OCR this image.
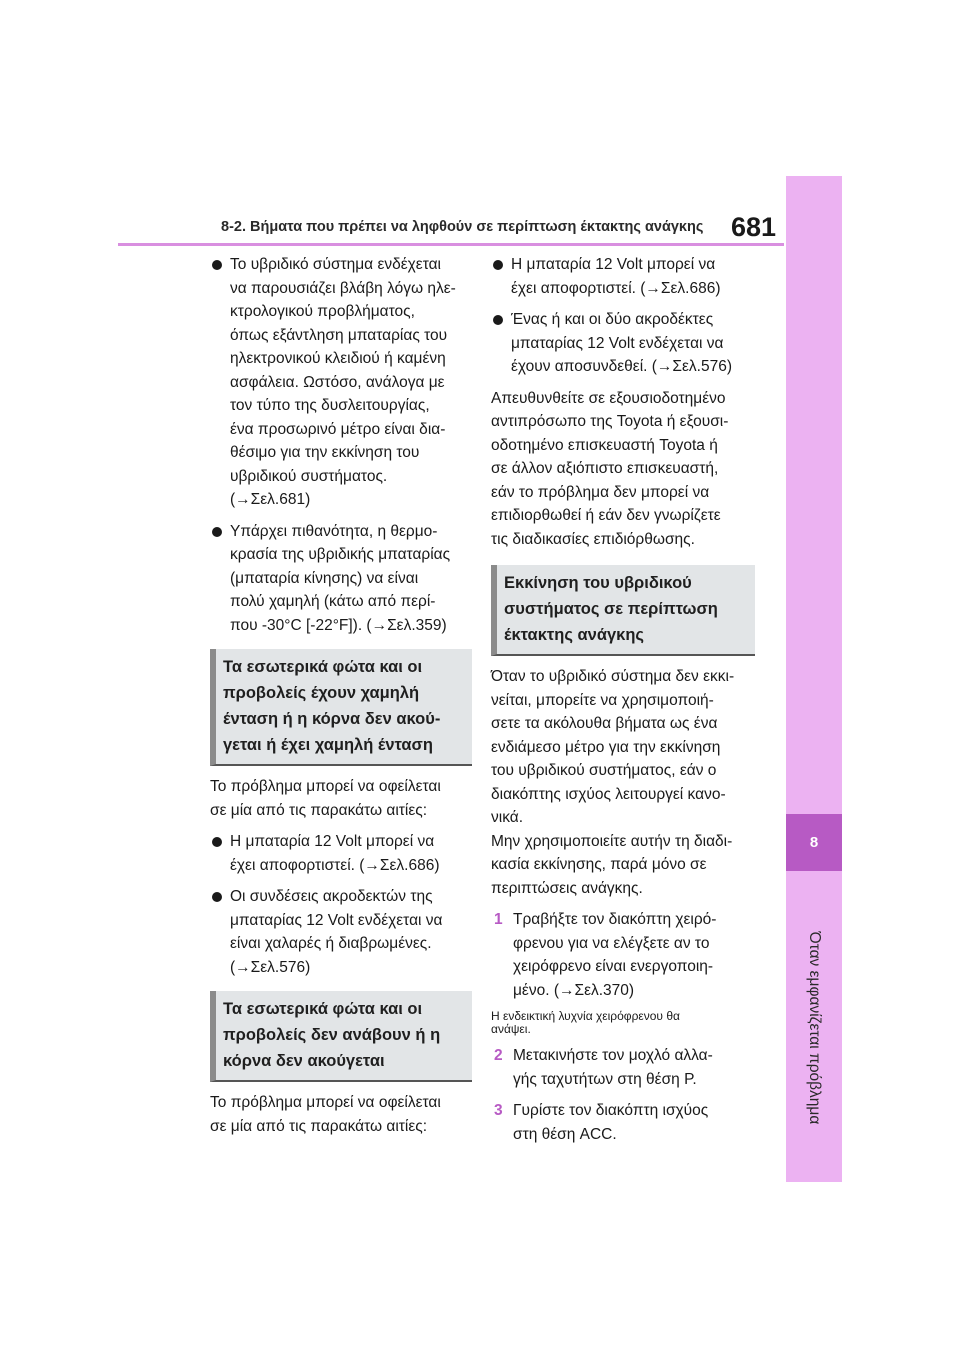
8-2. Βήματα που πρέπει να ληφθούν σε περίπτωση έκτακτης ανάγκης 681
8
Όταν εμφανίζεται πρόβλημα
Το υβριδικό σύστημα ενδέχεται
να παρουσιάζει βλάβη λόγω ηλε-
κτρολογικού προβλήματος,
όπως εξάντληση μπαταρίας του
ηλεκτρονικού κλειδιού ή καμένη
ασφάλεια. Ωστόσο, ανάλογα με
τον τύπο της δυσλειτουργίας,
ένα προσωρινό μέτρο είναι δια-
θέσιμο για την εκκίνηση του
υβριδικού συστήματος.
(→Σελ.681)
Υπάρχει πιθανότητα, η θερμο-
κρασία της υβριδικής μπαταρίας
(μπαταρία κίνησης) να είναι
πολύ χαμηλή (κάτω από περί-
που -30°C [-22°F]). (→Σελ.359)
Τα εσωτερικά φώτα και οι
προβολείς έχουν χαμηλή
ένταση ή η κόρνα δεν ακού-
γεται ή έχει χαμηλή ένταση
Το πρόβλημα μπορεί να οφείλεται
σε μία από τις παρακάτω αιτίες:
Η μπαταρία 12 Volt μπορεί να
έχει αποφορτιστεί. (→Σελ.686)
Οι συνδέσεις ακροδεκτών της
μπαταρίας 12 Volt ενδέχεται να
είναι χαλαρές ή διαβρωμένες.
(→Σελ.576)
Τα εσωτερικά φώτα και οι
προβολείς δεν ανάβουν ή η
κόρνα δεν ακούγεται
Το πρόβλημα μπορεί να οφείλεται
σε μία από τις παρακάτω αιτίες:
Η μπαταρία 12 Volt μπορεί να
έχει αποφορτιστεί. (→Σελ.686)
Ένας ή και οι δύο ακροδέκτες
μπαταρίας 12 Volt ενδέχεται να
έχουν αποσυνδεθεί. (→Σελ.576)
Απευθυνθείτε σε εξουσιοδοτημένο
αντιπρόσωπο της Toyota ή εξουσι-
οδοτημένο επισκευαστή Toyota ή
σε άλλον αξιόπιστο επισκευαστή,
εάν το πρόβλημα δεν μπορεί να
επιδιορθωθεί ή εάν δεν γνωρίζετε
τις διαδικασίες επιδιόρθωσης.
Εκκίνηση του υβριδικού
συστήματος σε περίπτωση
έκτακτης ανάγκης
Όταν το υβριδικό σύστημα δεν εκκι-
νείται, μπορείτε να χρησιμοποιή-
σετε τα ακόλουθα βήματα ως ένα
ενδιάμεσο μέτρο για την εκκίνηση
του υβριδικού συστήματος, εάν ο
διακόπτης ισχύος λειτουργεί κανο-
νικά.
Μην χρησιμοποιείτε αυτήν τη διαδι-
κασία εκκίνησης, παρά μόνο σε
περιπτώσεις ανάγκης.
1 Τραβήξτε τον διακόπτη χειρό-
φρενου για να ελέγξετε αν το
χειρόφρενο είναι ενεργοποιη-
μένο. (→Σελ.370)
Η ενδεικτική λυχνία χειρόφρενου θα
ανάψει.
2 Μετακινήστε τον μοχλό αλλα-
γής ταχυτήτων στη θέση P.
3 Γυρίστε τον διακόπτη ισχύος
στη θέση ACC.
